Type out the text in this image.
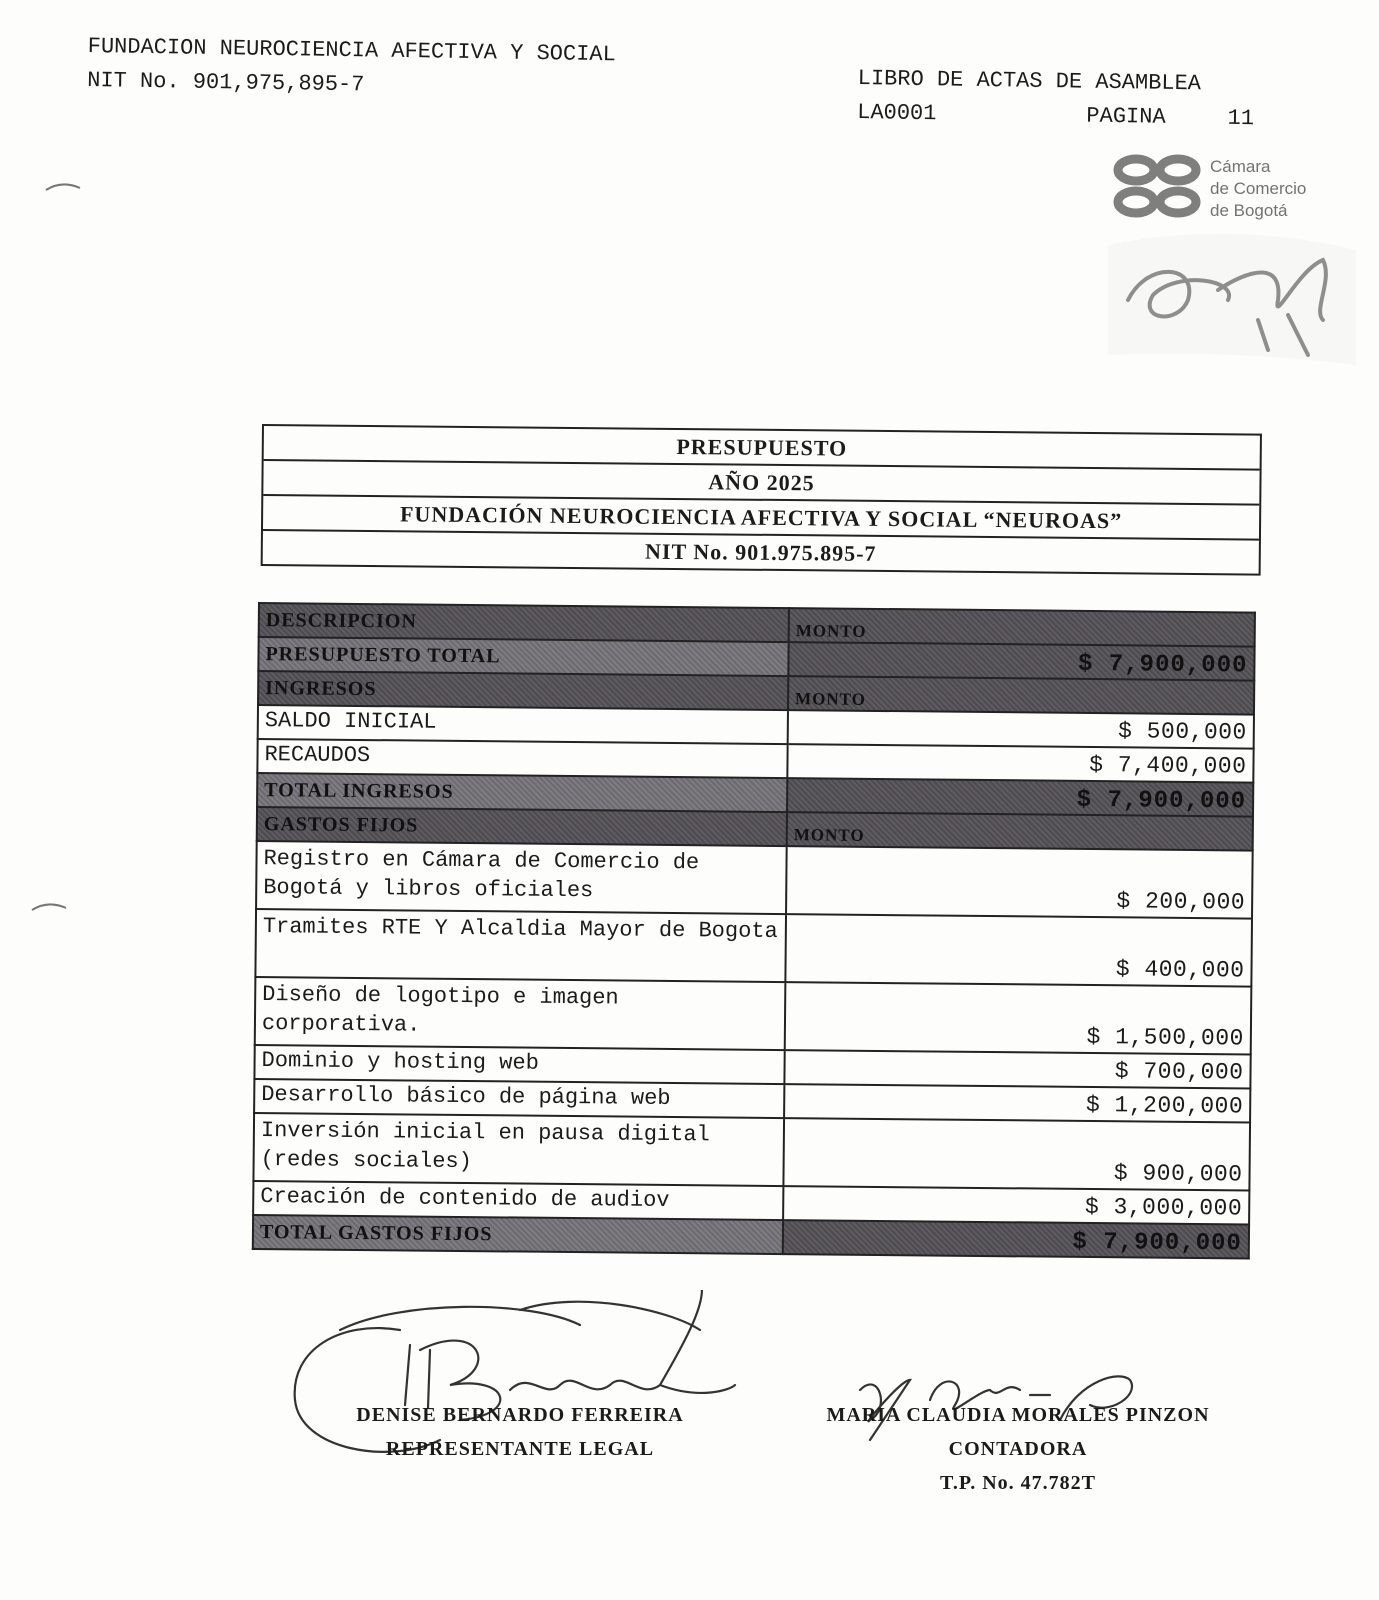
FUNDACION NEUROCIENCIA AFECTIVA Y SOCIAL
NIT No. 901,975,895-7	LIBRO DE ACTAS DE ASAMBLEA
LA0001	PAGINA	11
Cámara
de Comercio
de Bogotá
PRESUPUESTO
AÑO 2025
FUNDACIÓN NEUROCIENCIA AFECTIVA Y SOCIAL “NEUROAS”
NIT No. 901.975.895-7
DESCRIPCION	MONTO
PRESUPUESTO TOTAL	$ 7,900,000
INGRESOS	MONTO
SALDO INICIAL	$ 500,000
RECAUDOS	$ 7,400,000
TOTAL INGRESOS	$ 7,900,000
GASTOS FIJOS	MONTO
Registro en Cámara de Comercio de Bogotá y libros oficiales	$ 200,000
Tramites RTE Y Alcaldia Mayor de Bogota	$ 400,000
Diseño de logotipo e imagen corporativa.	$ 1,500,000
Dominio y hosting web	$ 700,000
Desarrollo básico de página web	$ 1,200,000
Inversión inicial en pausa digital (redes sociales)	$ 900,000
Creación de contenido de audiov	$ 3,000,000
TOTAL GASTOS FIJOS	$ 7,900,000
DENISE BERNARDO FERREIRA
REPRESENTANTE LEGAL
MARIA CLAUDIA MORALES PINZON
CONTADORA
T.P. No. 47.782T
